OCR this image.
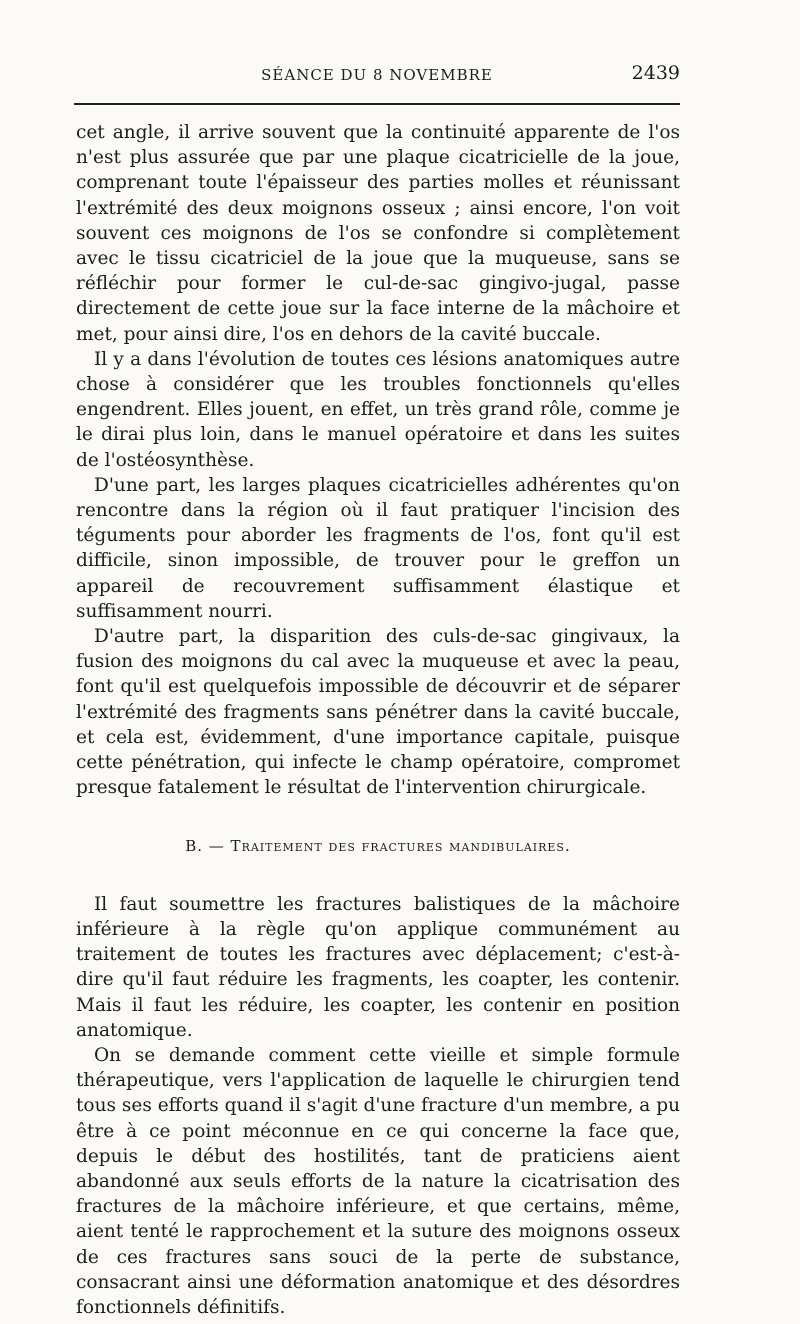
SÉANCE DU 8 NOVEMBRE	2439

cet angle, il arrive souvent que la continuité apparente de l'os n'est plus assurée que par une plaque cicatricielle de la joue, comprenant toute l'épaisseur des parties molles et réunissant l'extrémité des deux moignons osseux ; ainsi encore, l'on voit souvent ces moignons de l'os se confondre si complètement avec le tissu cicatriciel de la joue que la muqueuse, sans se réfléchir pour former le cul-de-sac gingivo-jugal, passe directement de cette joue sur la face interne de la mâchoire et met, pour ainsi dire, l'os en dehors de la cavité buccale.

Il y a dans l'évolution de toutes ces lésions anatomiques autre chose à considérer que les troubles fonctionnels qu'elles engendrent. Elles jouent, en effet, un très grand rôle, comme je le dirai plus loin, dans le manuel opératoire et dans les suites de l'ostéosynthèse.

D'une part, les larges plaques cicatricielles adhérentes qu'on rencontre dans la région où il faut pratiquer l'incision des téguments pour aborder les fragments de l'os, font qu'il est difficile, sinon impossible, de trouver pour le greffon un appareil de recouvrement suffisamment élastique et suffisamment nourri.

D'autre part, la disparition des culs-de-sac gingivaux, la fusion des moignons du cal avec la muqueuse et avec la peau, font qu'il est quelquefois impossible de découvrir et de séparer l'extrémité des fragments sans pénétrer dans la cavité buccale, et cela est, évidemment, d'une importance capitale, puisque cette pénétration, qui infecte le champ opératoire, compromet presque fatalement le résultat de l'intervention chirurgicale.

B. — Traitement des fractures mandibulaires.

Il faut soumettre les fractures balistiques de la mâchoire inférieure à la règle qu'on applique communément au traitement de toutes les fractures avec déplacement; c'est-à-dire qu'il faut réduire les fragments, les coapter, les contenir. Mais il faut les réduire, les coapter, les contenir en position anatomique.

On se demande comment cette vieille et simple formule thérapeutique, vers l'application de laquelle le chirurgien tend tous ses efforts quand il s'agit d'une fracture d'un membre, a pu être à ce point méconnue en ce qui concerne la face que, depuis le début des hostilités, tant de praticiens aient abandonné aux seuls efforts de la nature la cicatrisation des fractures de la mâchoire inférieure, et que certains, même, aient tenté le rapprochement et la suture des moignons osseux de ces fractures sans souci de la perte de substance, consacrant ainsi une déformation anatomique et des désordres fonctionnels définitifs.
